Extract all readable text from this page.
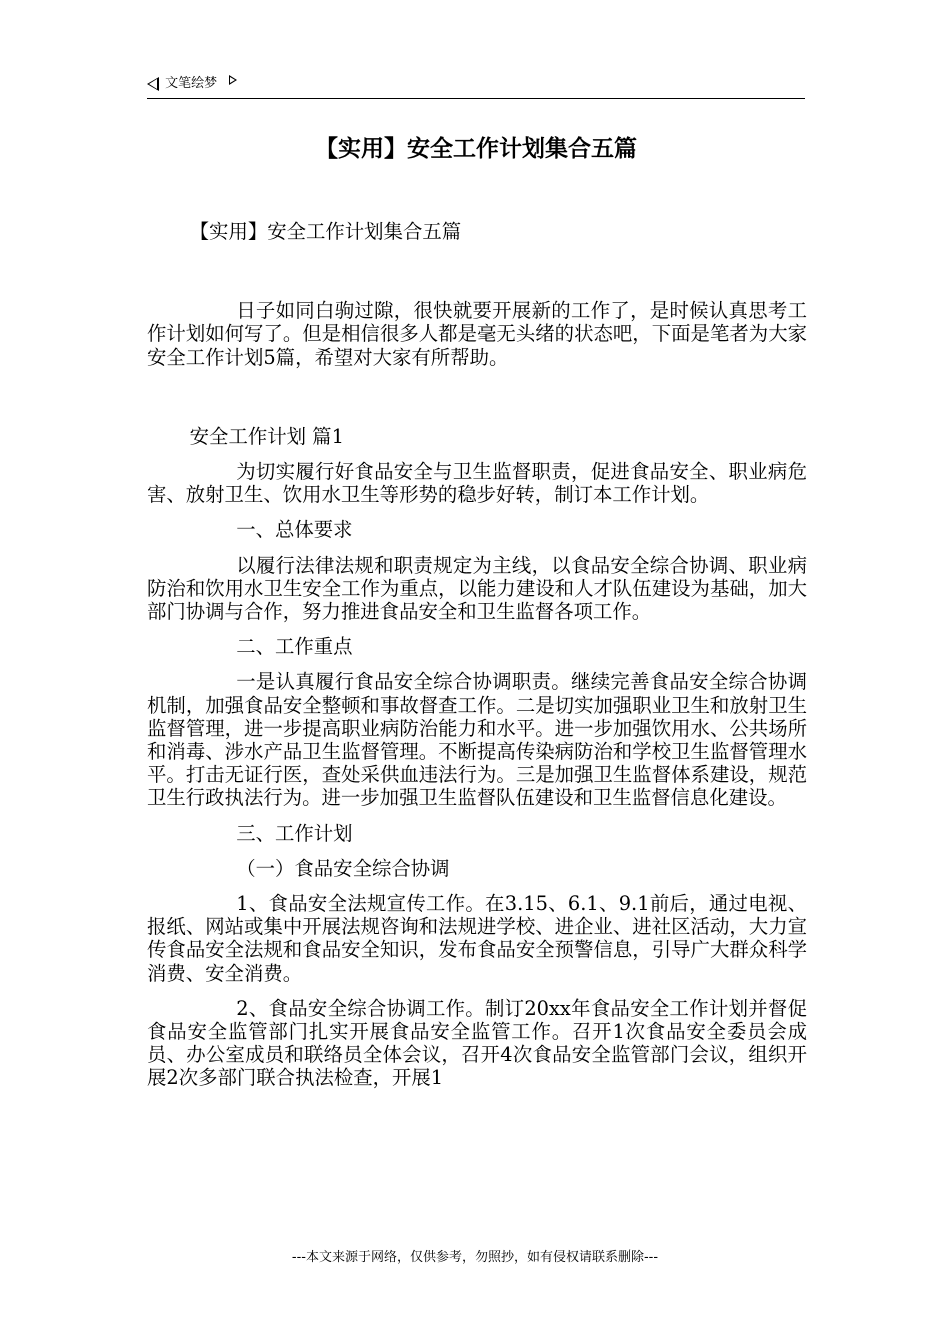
文笔绘梦
【实用】安全工作计划集合五篇

【实用】安全工作计划集合五篇

日子如同白驹过隙，很快就要开展新的工作了，是时候认真思考工作计划如何写了。但是相信很多人都是毫无头绪的状态吧，下面是笔者为大家安全工作计划5篇，希望对大家有所帮助。

安全工作计划 篇1

为切实履行好食品安全与卫生监督职责，促进食品安全、职业病危害、放射卫生、饮用水卫生等形势的稳步好转，制订本工作计划。

一、总体要求

以履行法律法规和职责规定为主线，以食品安全综合协调、职业病防治和饮用水卫生安全工作为重点，以能力建设和人才队伍建设为基础，加大部门协调与合作，努力推进食品安全和卫生监督各项工作。

二、工作重点

一是认真履行食品安全综合协调职责。继续完善食品安全综合协调机制，加强食品安全整顿和事故督查工作。二是切实加强职业卫生和放射卫生监督管理，进一步提高职业病防治能力和水平。进一步加强饮用水、公共场所和消毒、涉水产品卫生监督管理。不断提高传染病防治和学校卫生监督管理水平。打击无证行医，查处采供血违法行为。三是加强卫生监督体系建设，规范卫生行政执法行为。进一步加强卫生监督队伍建设和卫生监督信息化建设。

三、工作计划

（一）食品安全综合协调

1、食品安全法规宣传工作。在3.15、6.1、9.1前后，通过电视、报纸、网站或集中开展法规咨询和法规进学校、进企业、进社区活动，大力宣传食品安全法规和食品安全知识，发布食品安全预警信息，引导广大群众科学消费、安全消费。

2、食品安全综合协调工作。制订20xx年食品安全工作计划并督促食品安全监管部门扎实开展食品安全监管工作。召开1次食品安全委员会成员、办公室成员和联络员全体会议，召开4次食品安全监管部门会议，组织开展2次多部门联合执法检查，开展1

---本文来源于网络，仅供参考，勿照抄，如有侵权请联系删除---
